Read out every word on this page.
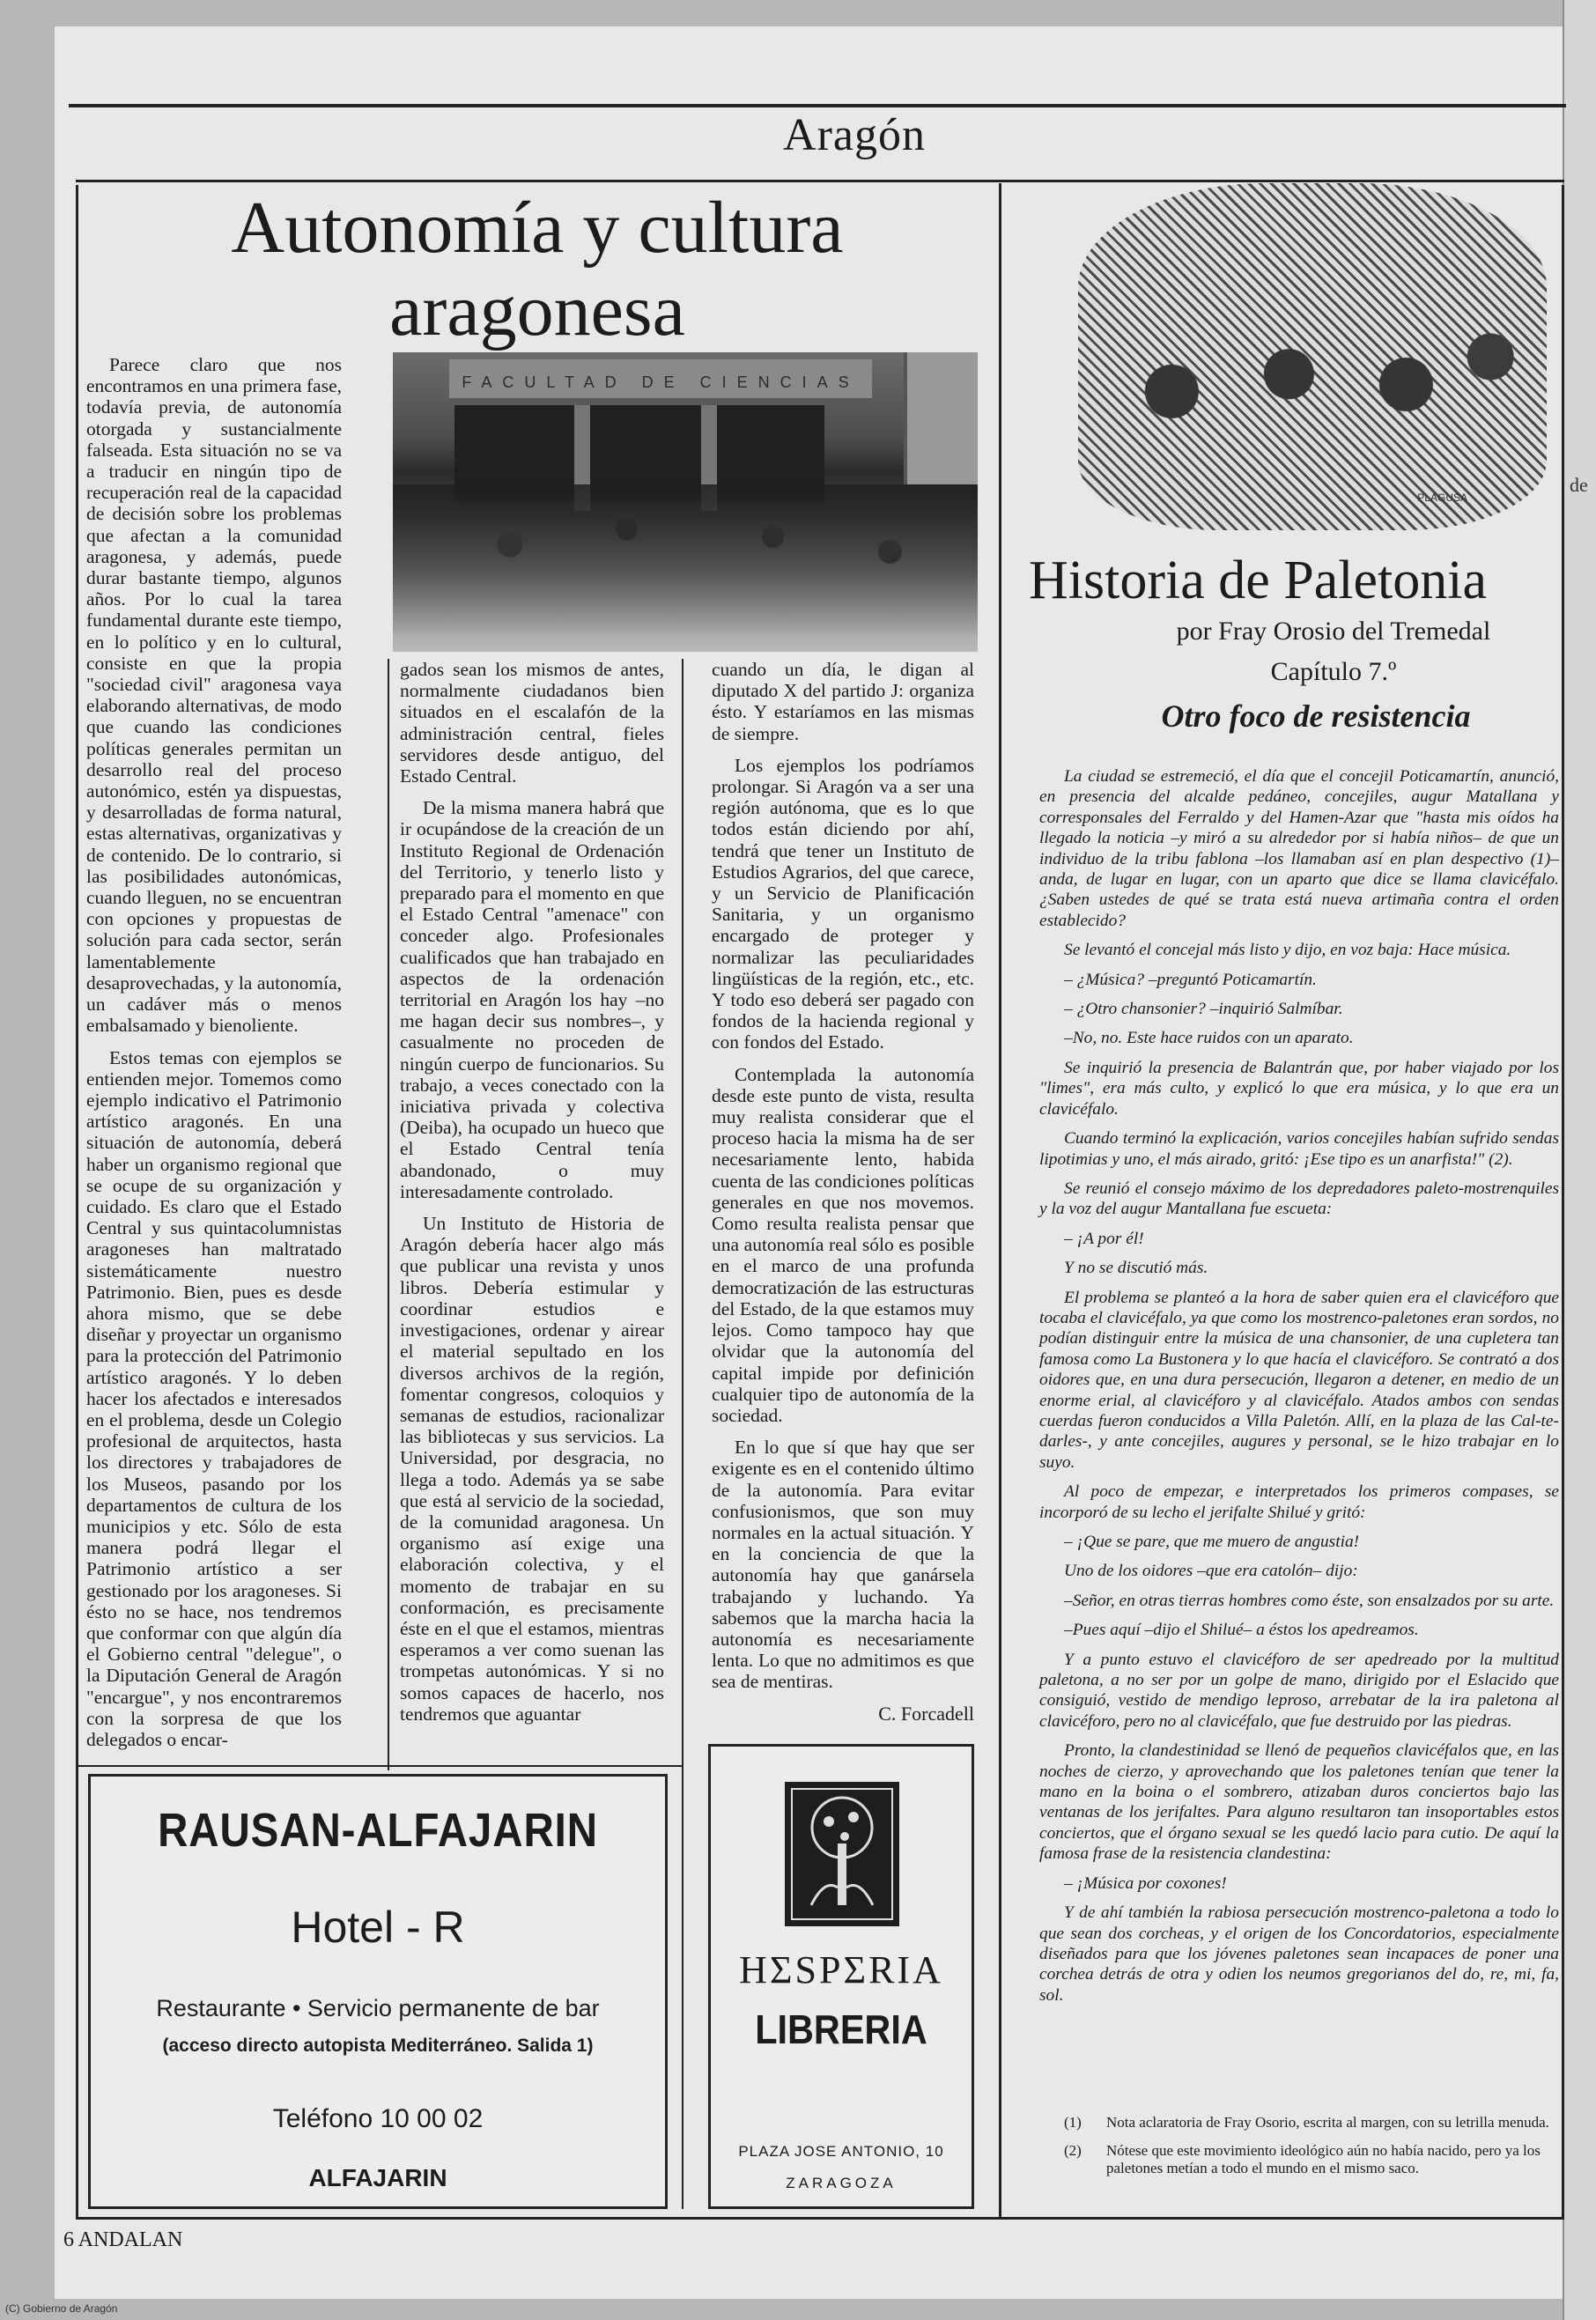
de
Aragón
Autonomía y cultura aragonesa
FACULTAD DE CIENCIAS

Parece claro que nos encontramos en una primera fase, todavía previa, de autonomía otorgada y sustancialmente falseada. Esta situación no se va a traducir en ningún tipo de recuperación real de la capacidad de decisión sobre los problemas que afectan a la comunidad aragonesa, y además, puede durar bastante tiempo, algunos años. Por lo cual la tarea fundamental durante este tiempo, en lo político y en lo cultural, consiste en que la propia "sociedad civil" aragonesa vaya elaborando alternativas, de modo que cuando las condiciones políticas generales permitan un desarrollo real del proceso autonómico, estén ya dispuestas, y desarrolladas de forma natural, estas alternativas, organizativas y de contenido. De lo contrario, si las posibilidades autonómicas, cuando lleguen, no se encuentran con opciones y propuestas de solución para cada sector, serán lamentablemente desaprovechadas, y la autonomía, un cadáver más o menos embalsamado y bienoliente.

Estos temas con ejemplos se entienden mejor. Tomemos como ejemplo indicativo el Patrimonio artístico aragonés. En una situación de autonomía, deberá haber un organismo regional que se ocupe de su organización y cuidado. Es claro que el Estado Central y sus quintacolumnistas aragoneses han maltratado sistemáticamente nuestro Patrimonio. Bien, pues es desde ahora mismo, que se debe diseñar y proyectar un organismo para la protección del Patrimonio artístico aragonés. Y lo deben hacer los afectados e interesados en el problema, desde un Colegio profesional de arquitectos, hasta los directores y trabajadores de los Museos, pasando por los departamentos de cultura de los municipios y etc. Sólo de esta manera podrá llegar el Patrimonio artístico a ser gestionado por los aragoneses. Si ésto no se hace, nos tendremos que conformar con que algún día el Gobierno central "delegue", o la Diputación General de Aragón "encargue", y nos encontraremos con la sorpresa de que los delegados o encar-

gados sean los mismos de antes, normalmente ciudadanos bien situados en el escalafón de la administración central, fieles servidores desde antiguo, del Estado Central.

De la misma manera habrá que ir ocupándose de la creación de un Instituto Regional de Ordenación del Territorio, y tenerlo listo y preparado para el momento en que el Estado Central "amenace" con conceder algo. Profesionales cualificados que han trabajado en aspectos de la ordenación territorial en Aragón los hay –no me hagan decir sus nombres–, y casualmente no proceden de ningún cuerpo de funcionarios. Su trabajo, a veces conectado con la iniciativa privada y colectiva (Deiba), ha ocupado un hueco que el Estado Central tenía abandonado, o muy interesadamente controlado.

Un Instituto de Historia de Aragón debería hacer algo más que publicar una revista y unos libros. Debería estimular y coordinar estudios e investigaciones, ordenar y airear el material sepultado en los diversos archivos de la región, fomentar congresos, coloquios y semanas de estudios, racionalizar las bibliotecas y sus servicios. La Universidad, por desgracia, no llega a todo. Además ya se sabe que está al servicio de la sociedad, de la comunidad aragonesa. Un organismo así exige una elaboración colectiva, y el momento de trabajar en su conformación, es precisamente éste en el que el estamos, mientras esperamos a ver como suenan las trompetas autonómicas. Y si no somos capaces de hacerlo, nos tendremos que aguantar

cuando un día, le digan al diputado X del partido J: organiza ésto. Y estaríamos en las mismas de siempre.

Los ejemplos los podríamos prolongar. Si Aragón va a ser una región autónoma, que es lo que todos están diciendo por ahí, tendrá que tener un Instituto de Estudios Agrarios, del que carece, y un Servicio de Planificación Sanitaria, y un organismo encargado de proteger y normalizar las peculiaridades lingüísticas de la región, etc., etc. Y todo eso deberá ser pagado con fondos de la hacienda regional y con fondos del Estado.

Contemplada la autonomía desde este punto de vista, resulta muy realista considerar que el proceso hacia la misma ha de ser necesariamente lento, habida cuenta de las condiciones políticas generales en que nos movemos. Como resulta realista pensar que una autonomía real sólo es posible en el marco de una profunda democratización de las estructuras del Estado, de la que estamos muy lejos. Como tampoco hay que olvidar que la autonomía del capital impide por definición cualquier tipo de autonomía de la sociedad.

En lo que sí que hay que ser exigente es en el contenido último de la autonomía. Para evitar confusionismos, que son muy normales en la actual situación. Y en la conciencia de que la autonomía hay que ganársela trabajando y luchando. Ya sabemos que la marcha hacia la autonomía es necesariamente lenta. Lo que no admitimos es que sea de mentiras.

C. Forcadell
PLAGUSA
Historia de Paletonia
por Fray Orosio del Tremedal
Capítulo 7.º
Otro foco de resistencia

La ciudad se estremeció, el día que el concejil Poticamartín, anunció, en presencia del alcalde pedáneo, concejiles, augur Matallana y corresponsales del Ferraldo y del Hamen-Azar que "hasta mis oídos ha llegado la noticia –y miró a su alrededor por si había niños– de que un individuo de la tribu fablona –los llamaban así en plan despectivo (1)– anda, de lugar en lugar, con un aparto que dice se llama clavicéfalo. ¿Saben ustedes de qué se trata está nueva artimaña contra el orden establecido?

Se levantó el concejal más listo y dijo, en voz baja: Hace música.

– ¿Música? –preguntó Poticamartín.

– ¿Otro chansonier? –inquirió Salmíbar.

–No, no. Este hace ruidos con un aparato.

Se inquirió la presencia de Balantrán que, por haber viajado por los "limes", era más culto, y explicó lo que era música, y lo que era un clavicéfalo.

Cuando terminó la explicación, varios concejiles habían sufrido sendas lipotimias y uno, el más airado, gritó: ¡Ese tipo es un anarfista!" (2).

Se reunió el consejo máximo de los depredadores paleto-mostrenquiles y la voz del augur Mantallana fue escueta:

– ¡A por él!

Y no se discutió más.

El problema se planteó a la hora de saber quien era el clavicéforo que tocaba el clavicéfalo, ya que como los mostrenco-paletones eran sordos, no podían distinguir entre la música de una chansonier, de una cupletera tan famosa como La Bustonera y lo que hacía el clavicéforo. Se contrató a dos oidores que, en una dura persecución, llegaron a detener, en medio de un enorme erial, al clavicéforo y al clavicéfalo. Atados ambos con sendas cuerdas fueron conducidos a Villa Paletón. Allí, en la plaza de las Cal-te-darles-, y ante concejiles, augures y personal, se le hizo trabajar en lo suyo.

Al poco de empezar, e interpretados los primeros compases, se incorporó de su lecho el jerifalte Shilué y gritó:

– ¡Que se pare, que me muero de angustia!

Uno de los oidores –que era catolón– dijo:

–Señor, en otras tierras hombres como éste, son ensalzados por su arte.

–Pues aquí –dijo el Shilué– a éstos los apedreamos.

Y a punto estuvo el clavicéforo de ser apedreado por la multitud paletona, a no ser por un golpe de mano, dirigido por el Eslacido que consiguió, vestido de mendigo leproso, arrebatar de la ira paletona al clavicéforo, pero no al clavicéfalo, que fue destruido por las piedras.

Pronto, la clandestinidad se llenó de pequeños clavicéfalos que, en las noches de cierzo, y aprovechando que los paletones tenían que tener la mano en la boina o el sombrero, atizaban duros conciertos bajo las ventanas de los jerifaltes. Para alguno resultaron tan insoportables estos conciertos, que el órgano sexual se les quedó lacio para cutio. De aquí la famosa frase de la resistencia clandestina:

– ¡Música por coxones!

Y de ahí también la rabiosa persecución mostrenco-paletona a todo lo que sean dos corcheas, y el origen de los Concordatorios, especialmente diseñados para que los jóvenes paletones sean incapaces de poner una corchea detrás de otra y odien los neumos gregorianos del do, re, mi, fa, sol.

(1)	Nota aclaratoria de Fray Osorio, escrita al margen, con su letrilla menuda.
(2)	Nótese que este movimiento ideológico aún no había nacido, pero ya los paletones metían a todo el mundo en el mismo saco.
RAUSAN-ALFAJARIN
Hotel - R
Restaurante • Servicio permanente de bar
(acceso directo autopista Mediterráneo. Salida 1)
Teléfono 10 00 02
ALFAJARIN
HΣSPΣRIA
LIBRERIA
PLAZA JOSE ANTONIO, 10
ZARAGOZA
6 ANDALAN
(C) Gobierno de Aragón
